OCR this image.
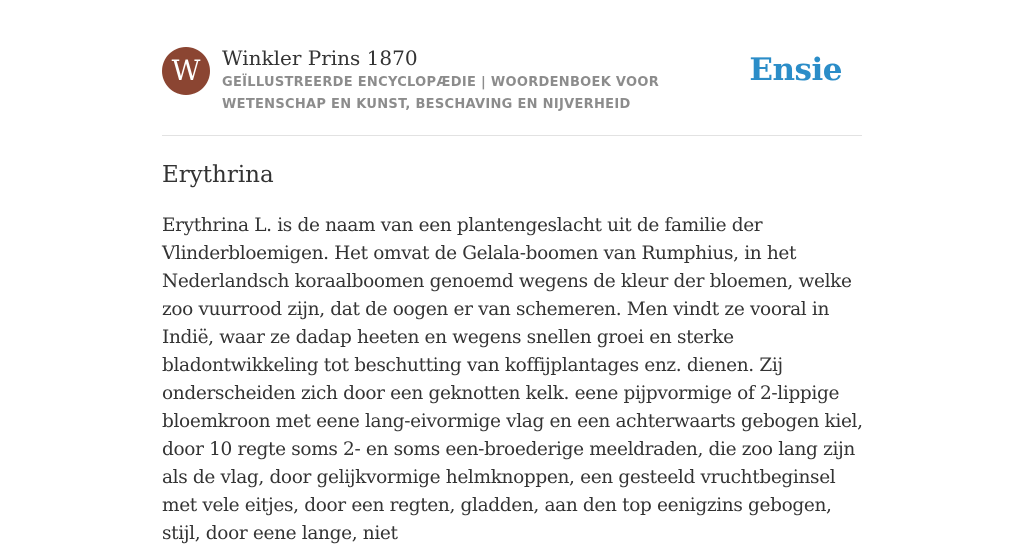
W	Winkler Prins 1870
GEÏLLUSTREERDE ENCYCLOPÆDIE | WOORDENBOEK VOOR WETENSCHAP EN KUNST, BESCHAVING EN NIJVERHEID
Ensie
Erythrina

Erythrina L. is de naam van een plantengeslacht uit de familie der Vlinderbloemigen. Het omvat de Gelala-boomen van Rumphius, in het Nederlandsch koraalboomen genoemd wegens de kleur der bloemen, welke zoo vuurrood zijn, dat de oogen er van schemeren. Men vindt ze vooral in Indië, waar ze dadap heeten en wegens snellen groei en sterke bladontwikkeling tot beschutting van koffijplantages enz. dienen. Zij onderscheiden zich door een geknotten kelk. eene pijpvormige of 2-lippige bloemkroon met eene lang-eivormige vlag en een achterwaarts gebogen kiel, door 10 regte soms 2- en soms een-broederige meeldraden, die zoo lang zijn als de vlag, door gelijkvormige helmknoppen, een gesteeld vruchtbeginsel met vele eitjes, door een regten, gladden, aan den top eenigzins gebogen, stijl, door eene lange, niet
